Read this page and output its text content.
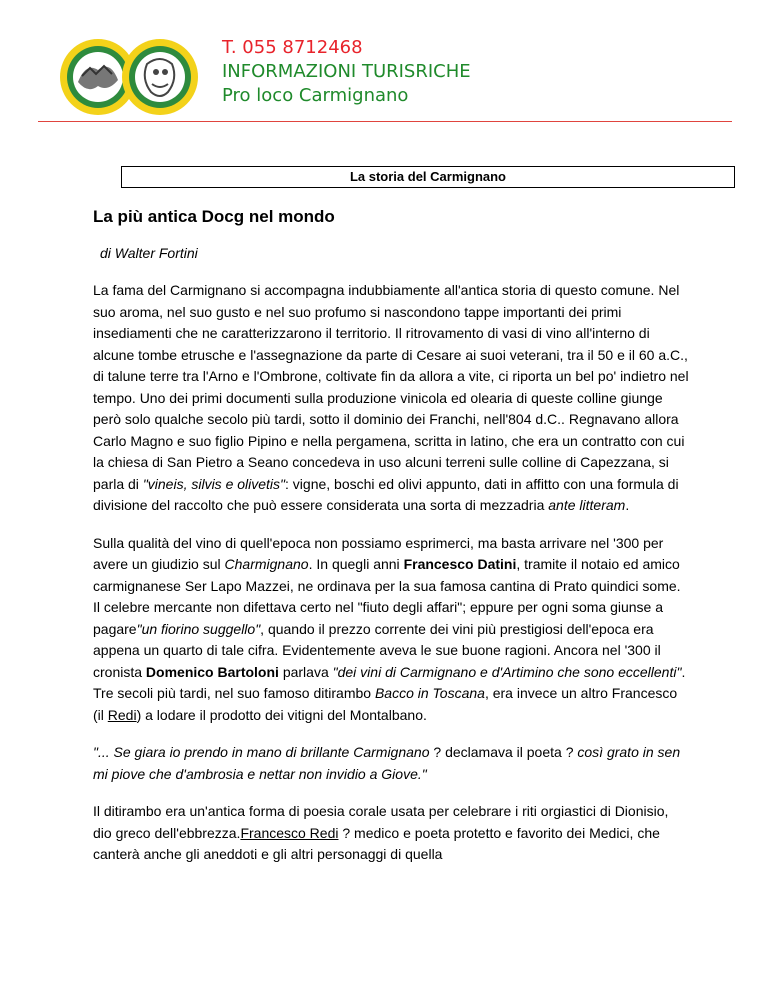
T. 055 8712468
INFORMAZIONI TURISRICHE
Pro loco Carmignano
La storia del Carmignano
La più antica Docg nel mondo
di Walter Fortini

La fama del Carmignano si accompagna indubbiamente all'antica storia di questo comune. Nel suo aroma, nel suo gusto e nel suo profumo si nascondono tappe importanti dei primi insediamenti che ne caratterizzarono il territorio. Il ritrovamento di vasi di vino all'interno di alcune tombe etrusche e l'assegnazione da parte di Cesare ai suoi veterani, tra il 50 e il 60 a.C., di talune terre tra l'Arno e l'Ombrone, coltivate fin da allora a vite, ci riporta un bel po' indietro nel tempo. Uno dei primi documenti sulla produzione vinicola ed olearia di queste colline giunge però solo qualche secolo più tardi, sotto il dominio dei Franchi, nell'804 d.C.. Regnavano allora Carlo Magno e suo figlio Pipino e nella pergamena, scritta in latino, che era un contratto con cui la chiesa di San Pietro a Seano concedeva in uso alcuni terreni sulle colline di Capezzana, si parla di "vineis, silvis e olivetis": vigne, boschi ed olivi appunto, dati in affitto con una formula di divisione del raccolto che può essere considerata una sorta di mezzadria ante litteram.

Sulla qualità del vino di quell'epoca non possiamo esprimerci, ma basta arrivare nel '300 per avere un giudizio sul Charmignano. In quegli anni Francesco Datini, tramite il notaio ed amico carmignanese Ser Lapo Mazzei, ne ordinava per la sua famosa cantina di Prato quindici some. Il celebre mercante non difettava certo nel "fiuto degli affari"; eppure per ogni soma giunse a pagare"un fiorino suggello", quando il prezzo corrente dei vini più prestigiosi dell'epoca era appena un quarto di tale cifra. Evidentemente aveva le sue buone ragioni. Ancora nel '300 il cronista Domenico Bartoloni parlava "dei vini di Carmignano e d'Artimino che sono eccellenti". Tre secoli più tardi, nel suo famoso ditirambo Bacco in Toscana, era invece un altro Francesco (il Redi) a lodare il prodotto dei vitigni del Montalbano.

"... Se giara io prendo in mano di brillante Carmignano ? declamava il poeta ? così grato in sen mi piove che d'ambrosia e nettar non invidio a Giove."

Il ditirambo era un'antica forma di poesia corale usata per celebrare i riti orgiastici di Dionisio, dio greco dell'ebbrezza.Francesco Redi ? medico e poeta protetto e favorito dei Medici, che canterà anche gli aneddoti e gli altri personaggi di quella
